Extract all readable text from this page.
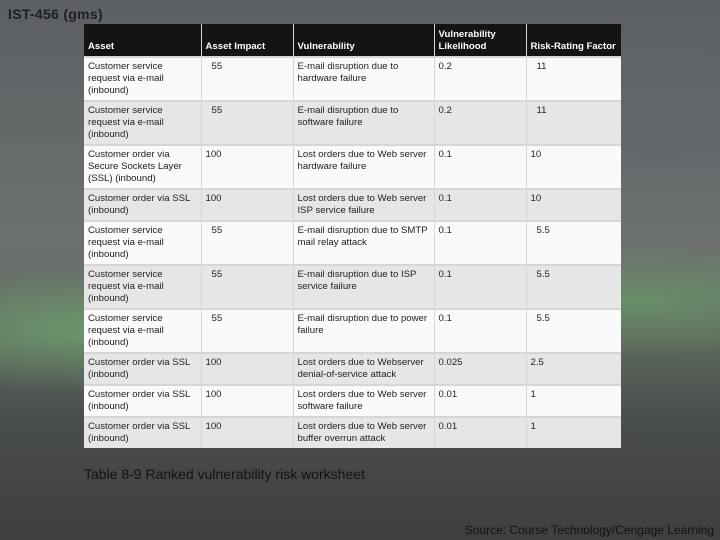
IST-456 (gms)
Asset	Asset Impact	Vulnerability	Vulnerability Likelihood	Risk-Rating Factor
Customer service request via e-mail (inbound)	55	E-mail disruption due to hardware failure	0.2	11
Customer service request via e-mail (inbound)	55	E-mail disruption due to software failure	0.2	11
Customer order via Secure Sockets Layer (SSL) (inbound)	100	Lost orders due to Web server hardware failure	0.1	10
Customer order via SSL (inbound)	100	Lost orders due to Web server ISP service failure	0.1	10
Customer service request via e-mail (inbound)	55	E-mail disruption due to SMTP mail relay attack	0.1	5.5
Customer service request via e-mail (inbound)	55	E-mail disruption due to ISP service failure	0.1	5.5
Customer service request via e-mail (inbound)	55	E-mail disruption due to power failure	0.1	5.5
Customer order via SSL (inbound)	100	Lost orders due to Webserver denial-of-service attack	0.025	2.5
Customer order via SSL (inbound)	100	Lost orders due to Web server software failure	0.01	1
Customer order via SSL (inbound)	100	Lost orders due to Web server buffer overrun attack	0.01	1
Table 8-9 Ranked vulnerability risk worksheet
Source: Course Technology/Cengage Learning
